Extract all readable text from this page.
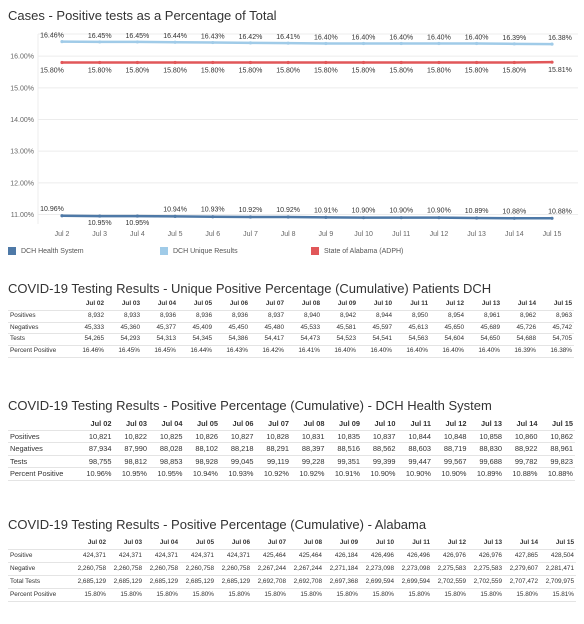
Cases - Positive tests as a Percentage of Total
11.00%
12.00%
13.00%
14.00%
15.00%
16.00%
Jul 2	Jul 3	Jul 4	Jul 5	Jul 6	Jul 7	Jul 8	Jul 9	Jul 10	Jul 11	Jul 12	Jul 13	Jul 14	Jul 15
10.96%
10.95% 10.95%
10.94% 10.93% 10.92% 10.92% 10.91% 10.90% 10.90% 10.90% 10.89% 10.88%	10.88%
16.46%	16.45% 16.45% 16.44% 16.43% 16.42% 16.41% 16.40% 16.40% 16.40% 16.40% 16.40% 16.39%	16.38%
15.80%	15.80% 15.80% 15.80% 15.80% 15.80% 15.80% 15.80% 15.80% 15.80% 15.80% 15.80% 15.80%	15.81%
DCH Health System	DCH Unique Results	State of Alabama (ADPH)
COVID-19 Testing Results - Unique Positive Percentage (Cumulative) Patients DCH
	Jul 02	Jul 03	Jul 04	Jul 05	Jul 06	Jul 07	Jul 08	Jul 09	Jul 10	Jul 11	Jul 12	Jul 13	Jul 14	Jul 15
Positives	8,932	8,933	8,936	8,936	8,936	8,937	8,940	8,942	8,944	8,950	8,954	8,961	8,962	8,963
Negatives	45,333	45,360	45,377	45,409	45,450	45,480	45,533	45,581	45,597	45,613	45,650	45,689	45,726	45,742
Tests	54,265	54,293	54,313	54,345	54,386	54,417	54,473	54,523	54,541	54,563	54,604	54,650	54,688	54,705
Percent Positive	16.46%	16.45%	16.45%	16.44%	16.43%	16.42%	16.41%	16.40%	16.40%	16.40%	16.40%	16.40%	16.39%	16.38%
COVID-19 Testing Results - Positive Percentage (Cumulative) - DCH Health System
	Jul 02	Jul 03	Jul 04	Jul 05	Jul 06	Jul 07	Jul 08	Jul 09	Jul 10	Jul 11	Jul 12	Jul 13	Jul 14	Jul 15
Positives	10,821	10,822	10,825	10,826	10,827	10,828	10,831	10,835	10,837	10,844	10,848	10,858	10,860	10,862
Negatives	87,934	87,990	88,028	88,102	88,218	88,291	88,397	88,516	88,562	88,603	88,719	88,830	88,922	88,961
Tests	98,755	98,812	98,853	98,928	99,045	99,119	99,228	99,351	99,399	99,447	99,567	99,688	99,782	99,823
Percent Positive	10.96%	10.95%	10.95%	10.94%	10.93%	10.92%	10.92%	10.91%	10.90%	10.90%	10.90%	10.89%	10.88%	10.88%
COVID-19 Testing Results - Positive Percentage (Cumulative) - Alabama
	Jul 02	Jul 03	Jul 04	Jul 05	Jul 06	Jul 07	Jul 08	Jul 09	Jul 10	Jul 11	Jul 12	Jul 13	Jul 14	Jul 15
Positive	424,371	424,371	424,371	424,371	424,371	425,464	425,464	426,184	426,496	426,496	426,976	426,976	427,865	428,504
Negative	2,260,758	2,260,758	2,260,758	2,260,758	2,260,758	2,267,244	2,267,244	2,271,184	2,273,098	2,273,098	2,275,583	2,275,583	2,279,607	2,281,471
Total Tests	2,685,129	2,685,129	2,685,129	2,685,129	2,685,129	2,692,708	2,692,708	2,697,368	2,699,594	2,699,594	2,702,559	2,702,559	2,707,472	2,709,975
Percent Positive	15.80%	15.80%	15.80%	15.80%	15.80%	15.80%	15.80%	15.80%	15.80%	15.80%	15.80%	15.80%	15.80%	15.81%
